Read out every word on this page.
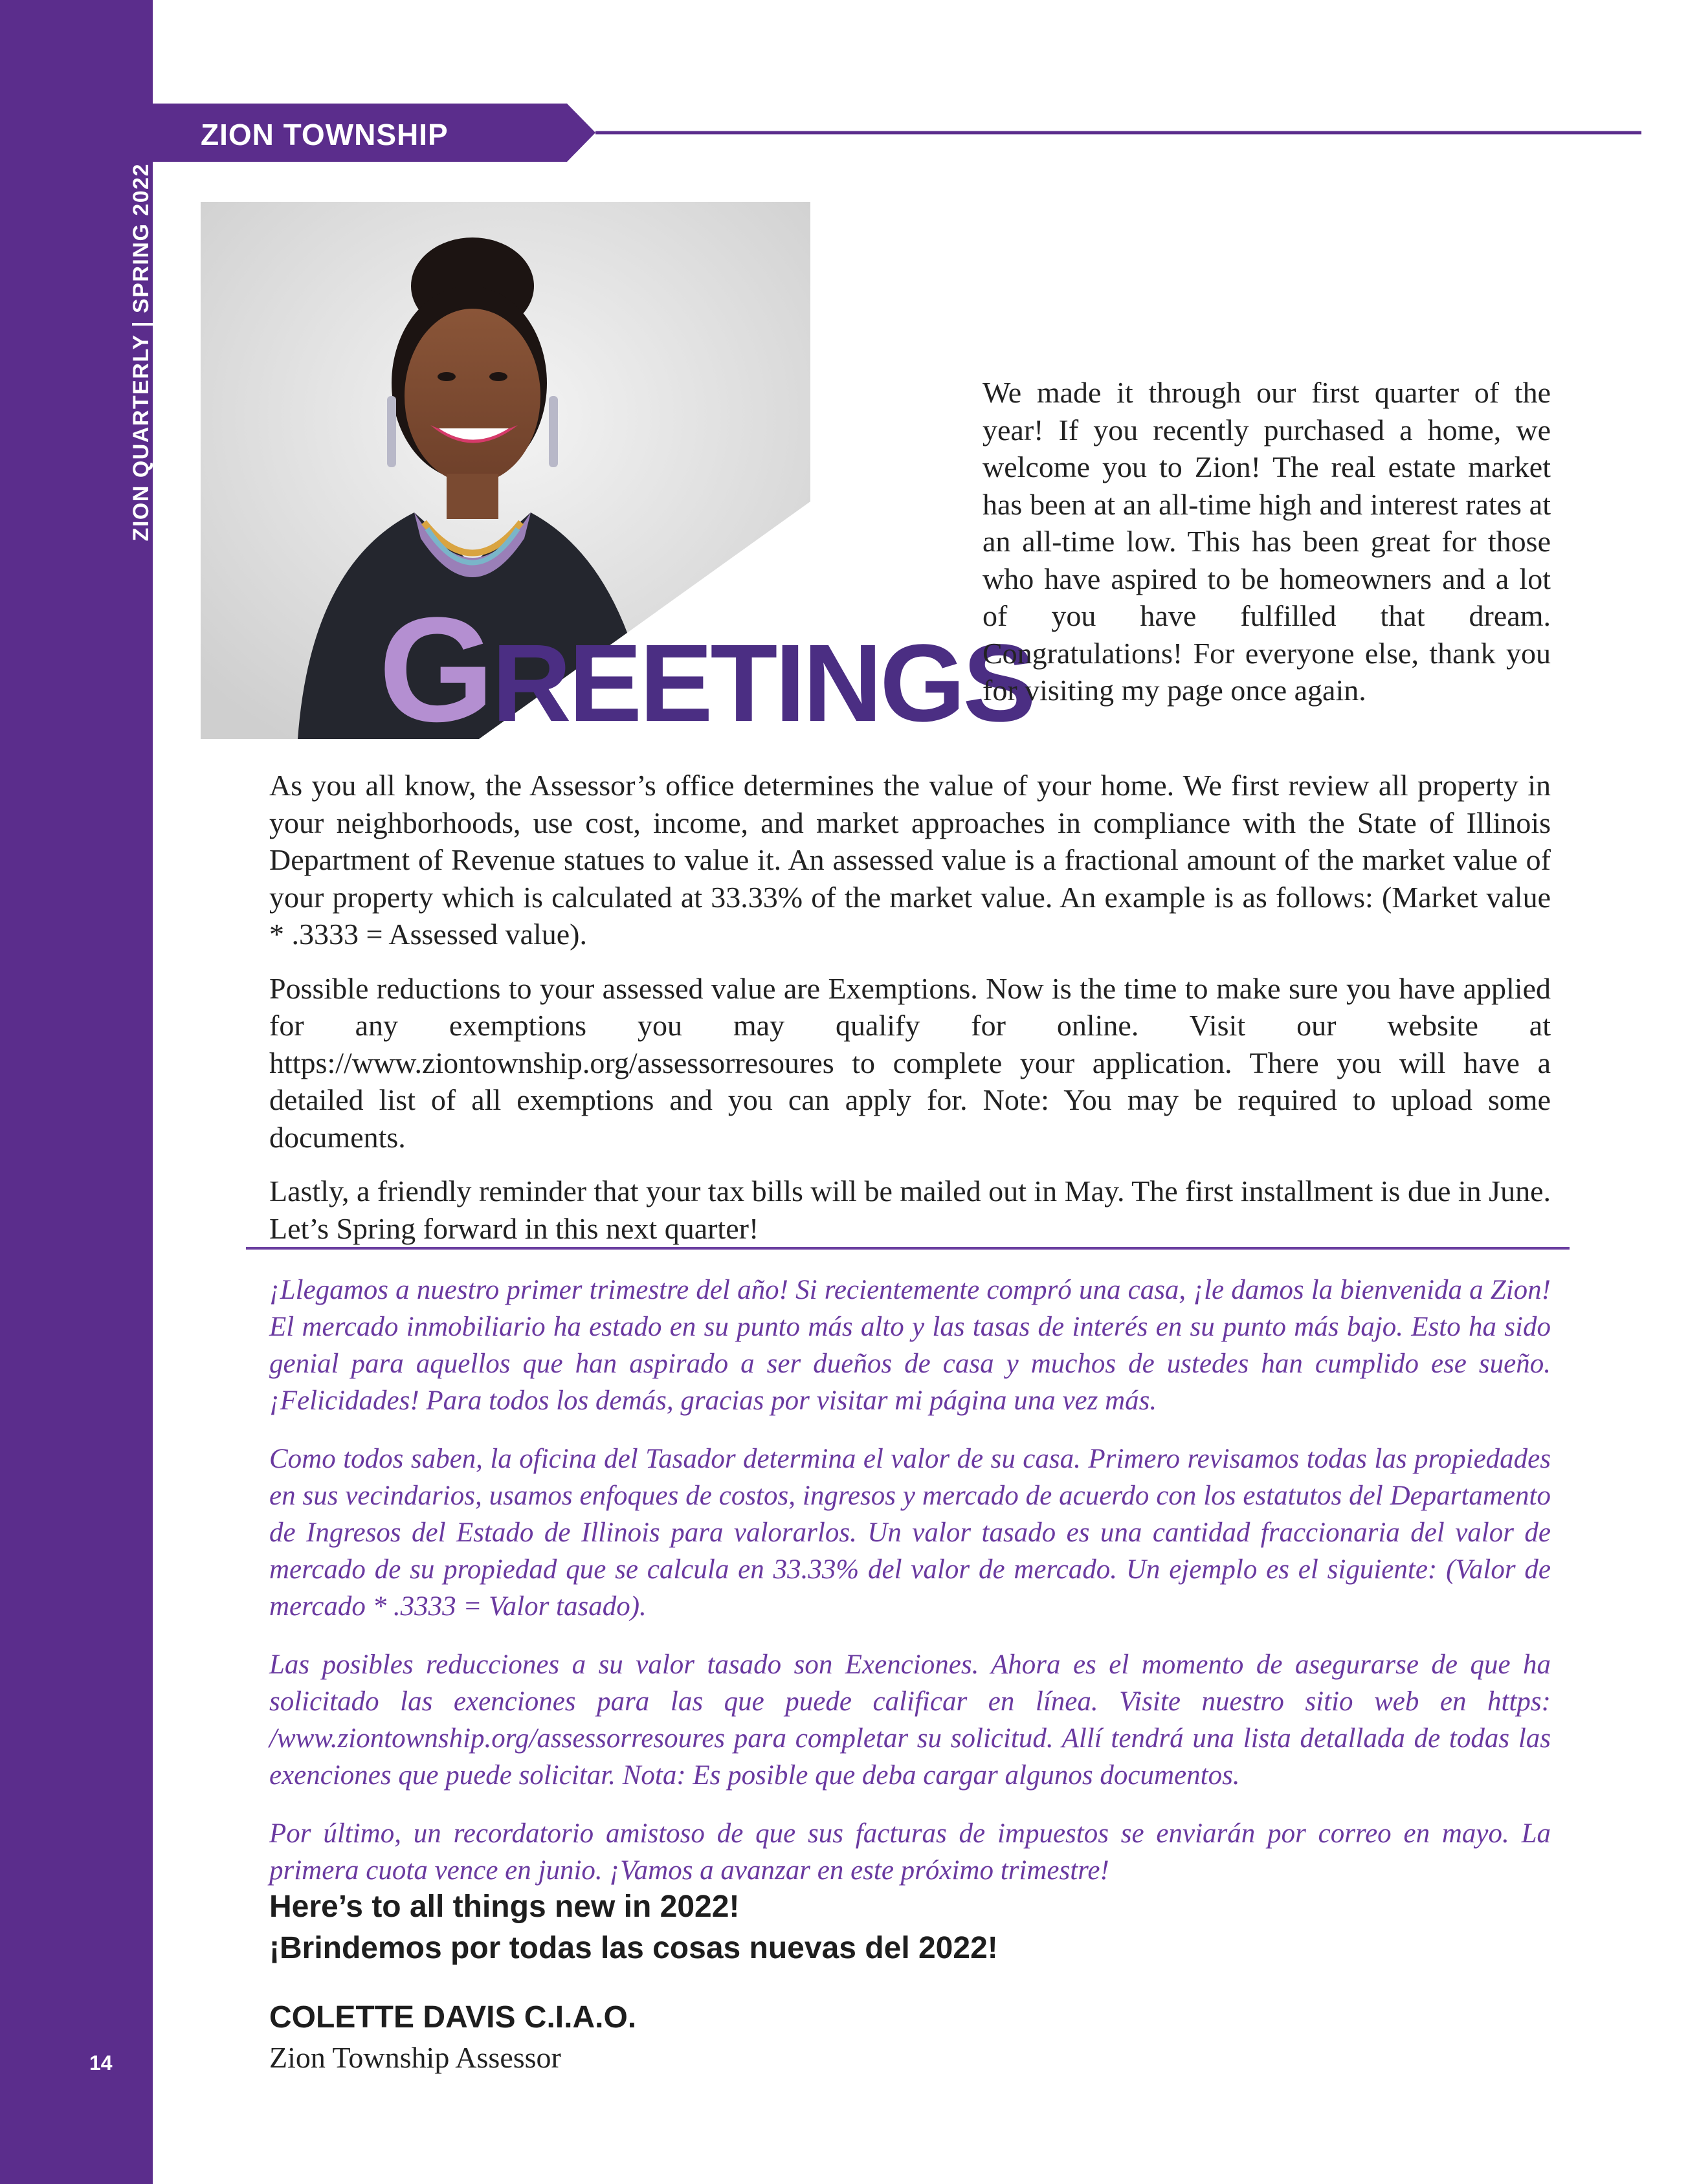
ZION QUARTERLY | SPRING 2022
14
ZION TOWNSHIP
GREETINGS

We made it through our first quarter of the year! If you recently purchased a home, we welcome you to Zion! The real estate market has been at an all-time high and interest rates at an all-time low. This has been great for those who have aspired to be homeowners and a lot of you have fulfilled that dream. Congratulations! For everyone else, thank you for visiting my page once again.

As you all know, the Assessor’s office determines the value of your home. We first review all property in your neighborhoods, use cost, income, and market approaches in compliance with the State of Illinois Department of Revenue statues to value it. An assessed value is a fractional amount of the market value of your property which is calculated at 33.33% of the market value. An example is as follows: (Market value * .3333 = Assessed value).

Possible reductions to your assessed value are Exemptions. Now is the time to make sure you have applied for any exemptions you may qualify for online. Visit our website at https://www.ziontownship.org/assessorresoures to complete your application. There you will have a detailed list of all exemptions and you can apply for. Note: You may be required to upload some documents.

Lastly, a friendly reminder that your tax bills will be mailed out in May. The first installment is due in June. Let’s Spring forward in this next quarter!

¡Llegamos a nuestro primer trimestre del año! Si recientemente compró una casa, ¡le damos la bienvenida a Zion! El mercado inmobiliario ha estado en su punto más alto y las tasas de interés en su punto más bajo. Esto ha sido genial para aquellos que han aspirado a ser dueños de casa y muchos de ustedes han cumplido ese sueño. ¡Felicidades! Para todos los demás, gracias por visitar mi página una vez más.

Como todos saben, la oficina del Tasador determina el valor de su casa. Primero revisamos todas las propiedades en sus vecindarios, usamos enfoques de costos, ingresos y mercado de acuerdo con los estatutos del Departamento de Ingresos del Estado de Illinois para valorarlos. Un valor tasado es una cantidad fraccionaria del valor de mercado de su propiedad que se calcula en 33.33% del valor de mercado. Un ejemplo es el siguiente: (Valor de mercado * .3333 = Valor tasado).

Las posibles reducciones a su valor tasado son Exenciones. Ahora es el momento de asegurarse de que ha solicitado las exenciones para las que puede calificar en línea. Visite nuestro sitio web en https: /www.ziontownship.org/assessorresoures para completar su solicitud. Allí tendrá una lista detallada de todas las exenciones que puede solicitar. Nota: Es posible que deba cargar algunos documentos.

Por último, un recordatorio amistoso de que sus facturas de impuestos se enviarán por correo en mayo. La primera cuota vence en junio. ¡Vamos a avanzar en este próximo trimestre!

Here’s to all things new in 2022!
¡Brindemos por todas las cosas nuevas del 2022!
COLETTE DAVIS C.I.A.O.
Zion Township Assessor
